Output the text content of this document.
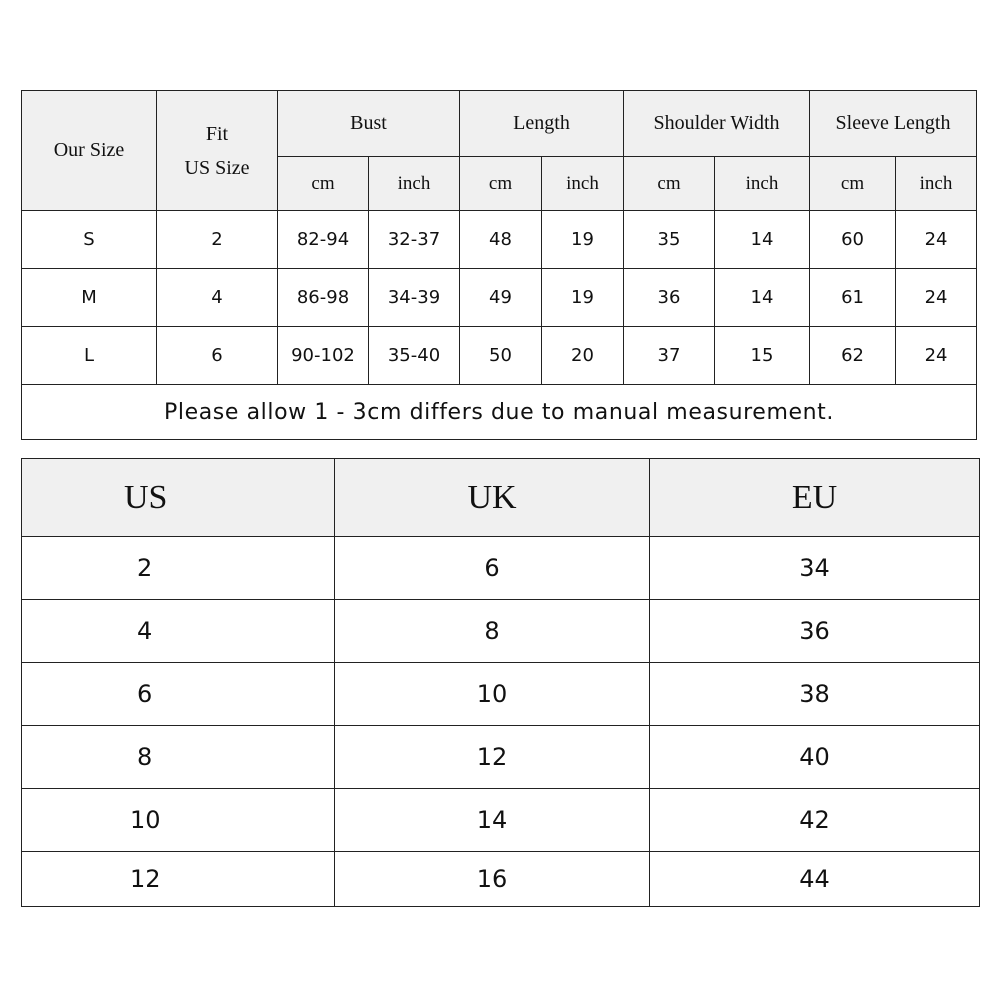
Our Size	Fit
US Size	Bust		Length		Shoulder Width		Sleeve Length	
		cm	inch	cm	inch	cm	inch	cm	inch
S	2	82-94	32-37	48	19	35	14	60	24
M	4	86-98	34-39	49	19	36	14	61	24
L	6	90-102	35-40	50	20	37	15	62	24
Please allow 1 - 3cm differs due to manual measurement.									
US	UK	EU
2	6	34
4	8	36
6	10	38
8	12	40
10	14	42
12	16	44
